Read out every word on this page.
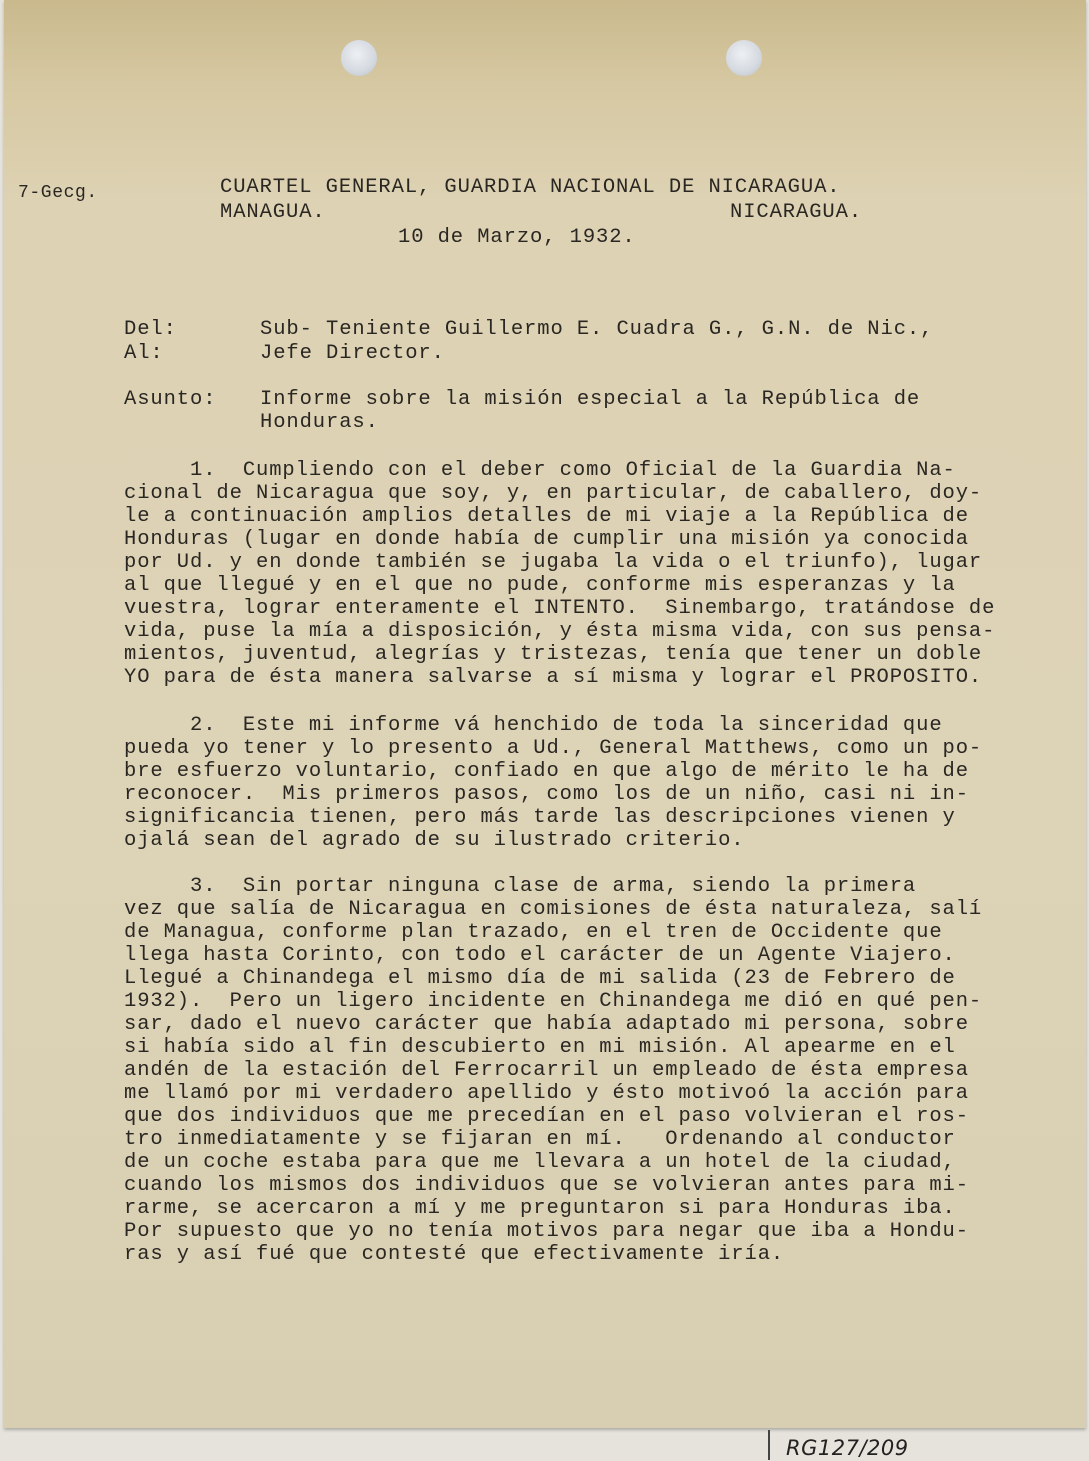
7-Gecg.	CUARTEL GENERAL, GUARDIA NACIONAL DE NICARAGUA.

MANAGUA.	NICARAGUA.

10 de Marzo, 1932.

Del:	Sub- Teniente Guillermo E. Cuadra G., G.N. de Nic.,

Al:	Jefe Director.

Asunto: Informe sobre la misión especial a la República de

Honduras.

1.  Cumpliendo con el deber como Oficial de la Guardia Na-
cional de Nicaragua que soy, y, en particular, de caballero, doy-
le a continuación amplios detalles de mi viaje a la República de
Honduras (lugar en donde había de cumplir una misión ya conocida
por Ud. y en donde también se jugaba la vida o el triunfo), lugar
al que llegué y en el que no pude, conforme mis esperanzas y la
vuestra, lograr enteramente el INTENTO.  Sinembargo, tratándose de
vida, puse la mía a disposición, y ésta misma vida, con sus pensa-
mientos, juventud, alegrías y tristezas, tenía que tener un doble
YO para de ésta manera salvarse a sí misma y lograr el PROPOSITO.
2.  Este mi informe vá henchido de toda la sinceridad que
pueda yo tener y lo presento a Ud., General Matthews, como un po-
bre esfuerzo voluntario, confiado en que algo de mérito le ha de
reconocer.  Mis primeros pasos, como los de un niño, casi ni in-
significancia tienen, pero más tarde las descripciones vienen y
ojalá sean del agrado de su ilustrado criterio.
3.  Sin portar ninguna clase de arma, siendo la primera
vez que salía de Nicaragua en comisiones de ésta naturaleza, salí
de Managua, conforme plan trazado, en el tren de Occidente que
llega hasta Corinto, con todo el carácter de un Agente Viajero.
Llegué a Chinandega el mismo día de mi salida (23 de Febrero de
1932).  Pero un ligero incidente en Chinandega me dió en qué pen-
sar, dado el nuevo carácter que había adaptado mi persona, sobre
si había sido al fin descubierto en mi misión. Al apearme en el
andén de la estación del Ferrocarril un empleado de ésta empresa
me llamó por mi verdadero apellido y ésto motivoó la acción para
que dos individuos que me precedían en el paso volvieran el ros-
tro inmediatamente y se fijaran en mí.   Ordenando al conductor
de un coche estaba para que me llevara a un hotel de la ciudad,
cuando los mismos dos individuos que se volvieran antes para mi-
rarme, se acercaron a mí y me preguntaron si para Honduras iba.
Por supuesto que yo no tenía motivos para negar que iba a Hondu-
ras y así fué que contesté que efectivamente iría.

RG127/209
